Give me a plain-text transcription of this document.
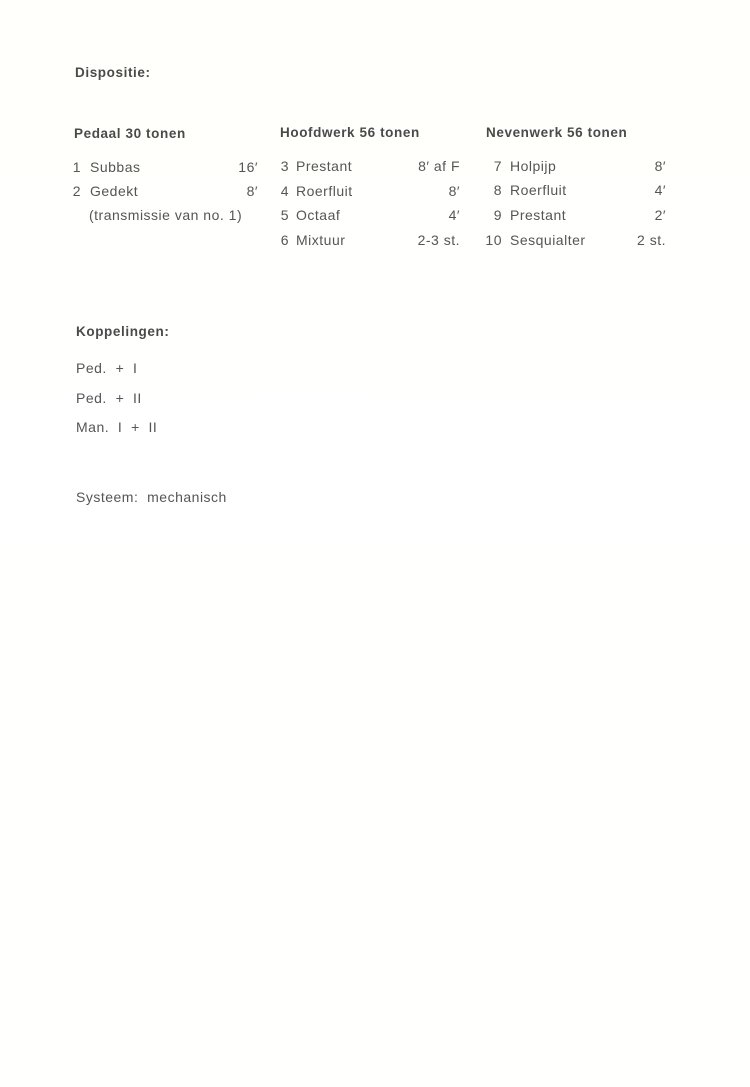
Dispositie:
Pedaal 30 tonen	Hoofdwerk 56 tonen	Nevenwerk 56 tonen
1 Subbas	16′
2 Gedekt	8′
(transmissie van no. 1)
3 Prestant	8′ af F
4 Roerfluit	8′
5 Octaaf	4′
6 Mixtuur	2-3 st.
7 Holpijp	8′
8 Roerfluit	4′
9 Prestant	2′
10 Sesquialter	2 st.
Koppelingen:
Ped.  +  I
Ped.  +  II
Man.  I  +  II
Systeem:  mechanisch
